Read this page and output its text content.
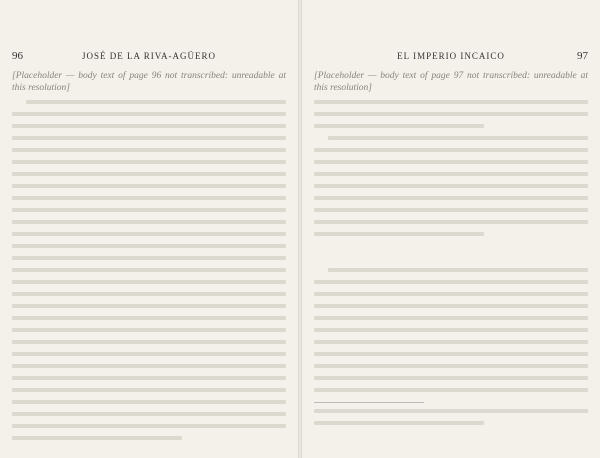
96	JOSÉ DE LA RIVA-AGÜERO

[Placeholder — body text of page 96 not transcribed: unreadable at this resolution]

EL IMPERIO INCAICO	97

[Placeholder — body text of page 97 not transcribed: unreadable at this resolution]
